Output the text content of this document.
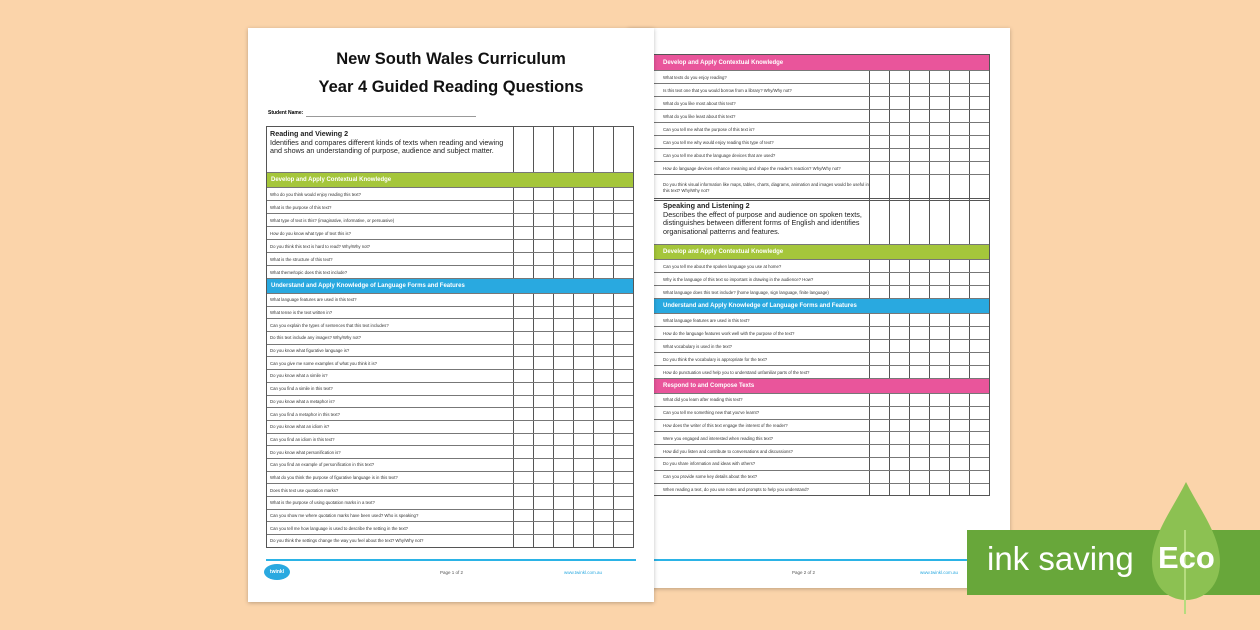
New South Wales Curriculum
Year 4 Guided Reading Questions
Student Name:
Reading and Viewing 2
Identifies and compares different kinds of texts when reading and viewing and shows an understanding of purpose, audience and subject matter.
Develop and Apply Contextual Knowledge
Who do you think would enjoy reading this text?
What is the purpose of this text?
What type of text is this? (imaginative, informative, or persuasive)
How do you know what type of text this is?
Do you think this text is hard to read? Why/Why not?
What is the structure of this text?
What theme/topic does this text include?
Understand and Apply Knowledge of Language Forms and Features
What language features are used in this text?
What tense is the text written in?
Can you explain the types of sentences that this text includes?
Do this text include any images? Why/Why not?
Do you know what figurative language is?
Can you give me some examples of what you think it is?
Do you know what a simile is?
Can you find a simile in this text?
Do you know what a metaphor is?
Can you find a metaphor in this text?
Do you know what an idiom is?
Can you find an idiom in this text?
Do you know what personification is?
Can you find an example of personification in this text?
What do you think the purpose of figurative language is in this text?
Does this text use quotation marks?
What is the purpose of using quotation marks in a text?
Can you show me where quotation marks have been used? Who is speaking?
Can you tell me how language is used to describe the setting in the text?
Do you think the settings change the way you feel about the text? Why/Why not?
twinkl	Page 1 of 2	www.twinkl.com.au
Develop and Apply Contextual Knowledge
What texts do you enjoy reading?
Is this text one that you would borrow from a library? Why/Why not?
What do you like most about this text?
What do you like least about this text?
Can you tell me what the purpose of this text is?
Can you tell me why would enjoy reading this type of text?
Can you tell me about the language devices that are used?
How do language devices enhance meaning and shape the reader's reaction? Why/Why not?
Do you think visual information like maps, tables, charts, diagrams, animation and images would be useful in this text? Why/Why not?
Speaking and Listening 2
Describes the effect of purpose and audience on spoken texts, distinguishes between different forms of English and identifies organisational patterns and features.
Develop and Apply Contextual Knowledge
Can you tell me about the spoken language you use at home?
Why is the language of this text so important in drawing in the audience? How?
What language does this text include? (home language, sign language, finite language)
Understand and Apply Knowledge of Language Forms and Features
What language features are used in this text?
How do the language features work well with the purpose of the text?
What vocabulary is used in the text?
Do you think the vocabulary is appropriate for the text?
How do punctuation used help you to understand unfamiliar parts of the text?
Respond to and Compose Texts
What did you learn after reading this text?
Can you tell me something new that you've learnt?
How does the writer of this text engage the interest of the reader?
Were you engaged and interested when reading this text?
How did you listen and contribute to conversations and discussions?
Do you share information and ideas with others?
Can you provide some key details about the text?
When reading a text, do you use notes and prompts to help you understand?
Page 2 of 2	www.twinkl.com.au ink saving Eco
